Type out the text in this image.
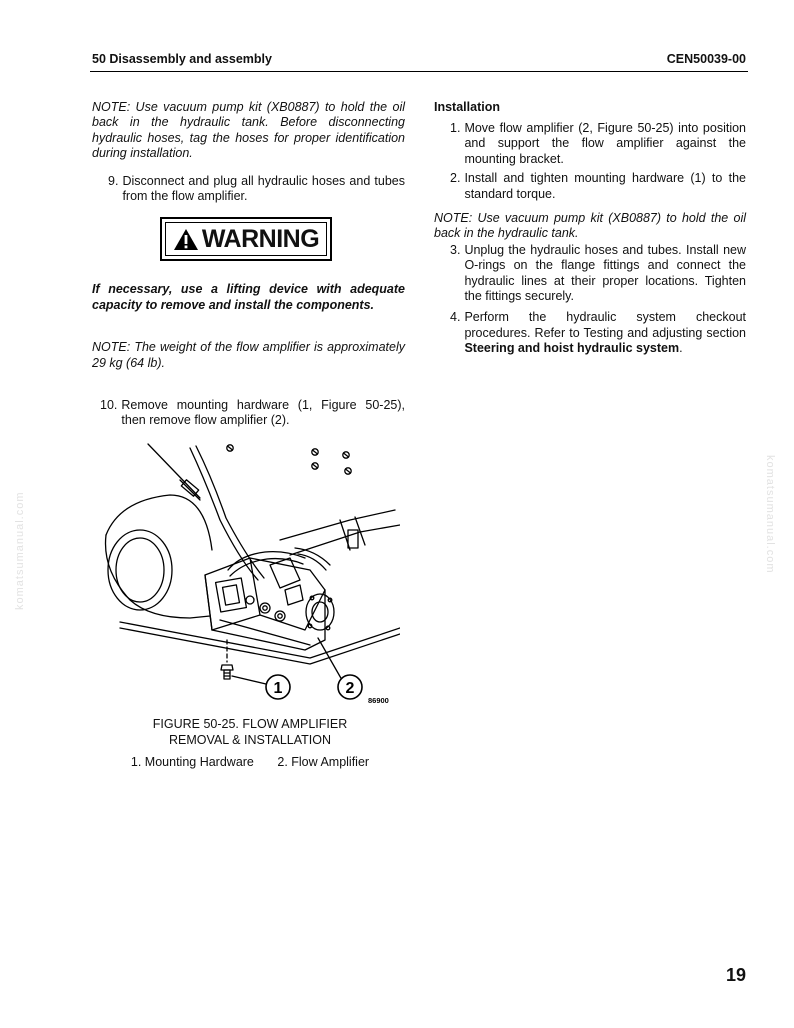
50 Disassembly and assembly	CEN50039-00

NOTE: Use vacuum pump kit (XB0887) to hold the oil back in the hydraulic tank. Before disconnecting hydraulic hoses, tag the hoses for proper identification during installation.

9. Disconnect and plug all hydraulic hoses and tubes from the flow amplifier.

If necessary, use a lifting device with adequate capacity to remove and install the components.

NOTE: The weight of the flow amplifier is approximately 29 kg (64 lb).

10. Remove mounting hardware (1, Figure 50-25), then remove flow amplifier (2).
WARNING
1	2
86900
FIGURE 50-25. FLOW AMPLIFIER
REMOVAL & INSTALLATION
1. Mounting Hardware 2. Flow Amplifier
Installation
1. Move flow amplifier (2, Figure 50-25) into position and support the flow amplifier against the mounting bracket.
2. Install and tighten mounting hardware (1) to the standard torque.

NOTE: Use vacuum pump kit (XB0887) to hold the oil back in the hydraulic tank.

3. Unplug the hydraulic hoses and tubes. Install new O-rings on the flange fittings and connect the hydraulic lines at their proper locations. Tighten the fittings securely.
4. Perform the hydraulic system checkout procedures. Refer to Testing and adjusting section Steering and hoist hydraulic system.
komatsumanual.com	komatsumanual.com
19
